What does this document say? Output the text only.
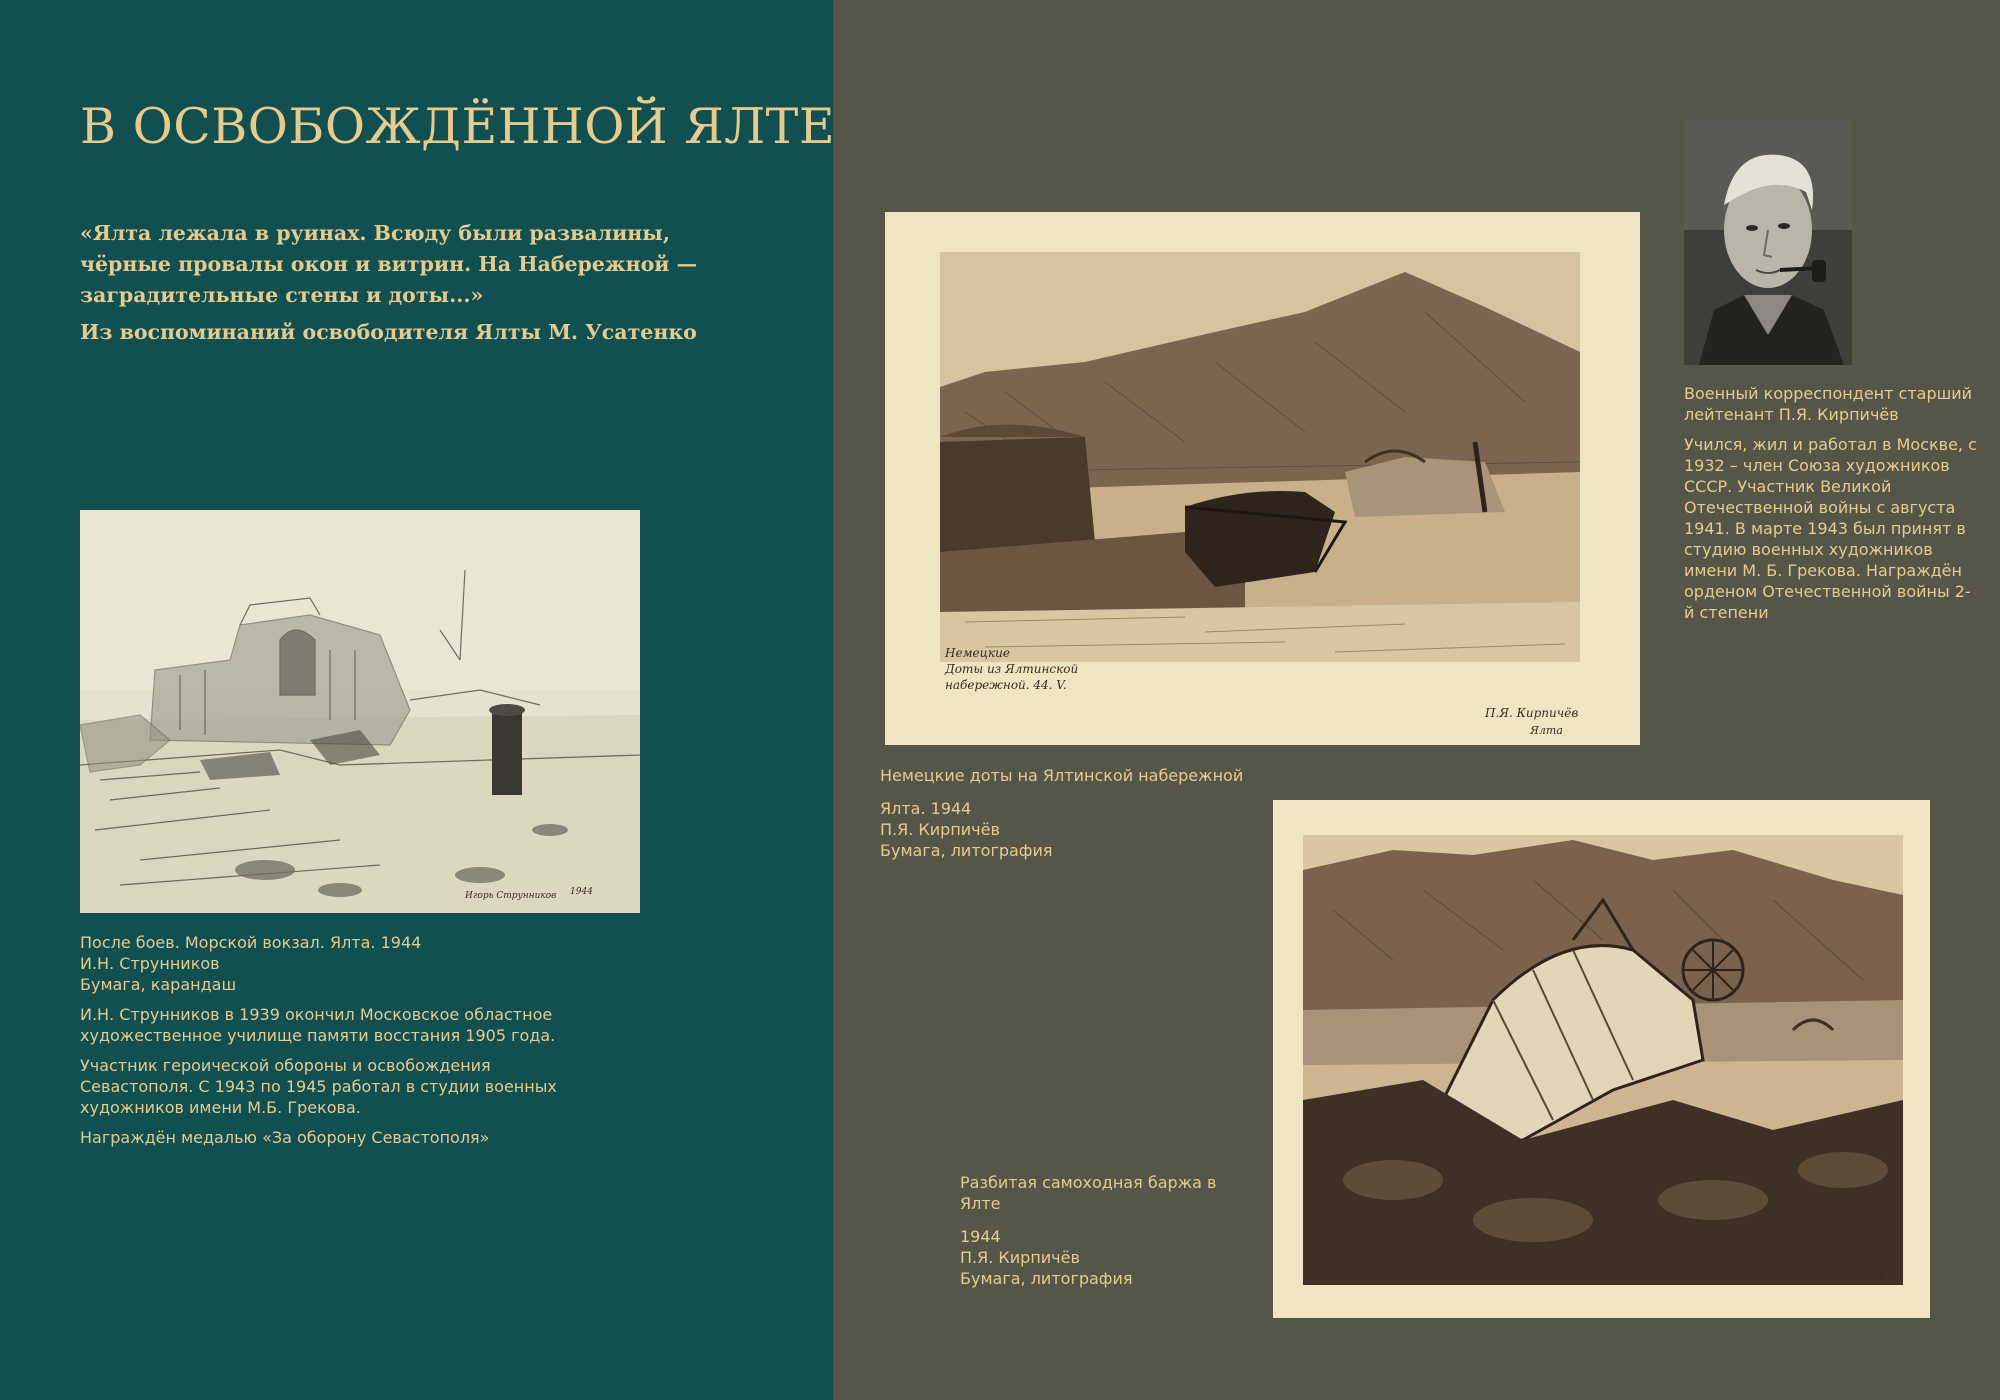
В ОСВОБОЖДЁННОЙ ЯЛТЕ

«Ялта лежала в руинах. Всюду были развалины, чёрные провалы окон и витрин. На Набережной — заградительные стены и доты...»

Из воспоминаний освободителя Ялты М. Усатенко
Игорь Струнников 1944

После боев. Морской вокзал. Ялта. 1944
И.Н. Струнников
Бумага, карандаш

И.Н. Струнников в 1939 окончил Московское областное художественное училище памяти восстания 1905 года.

Участник героической обороны и освобождения Севастополя. С 1943 по 1945 работал в студии военных художников имени М.Б. Грекова.

Награждён медалью «За оборону Севастополя»

Немецкие
Доты из Ялтинской
набережной. 44. V.
П.Я. Кирпичёв
Ялта

Немецкие доты на Ялтинской набережной

Ялта. 1944
П.Я. Кирпичёв
Бумага, литография

Военный корреспондент старший лейтенант П.Я. Кирпичёв

Учился, жил и работал в Москве, с 1932 – член Союза художников СССР. Участник Великой Отечественной войны с августа 1941. В марте 1943 был принят в студию военных художников имени М. Б. Грекова. Награждён орденом Отечественной войны 2-й степени

Разбитая самоходная баржа	Кирпичёв

Разбитая самоходная баржа в Ялте

1944
П.Я. Кирпичёв
Бумага, литография
